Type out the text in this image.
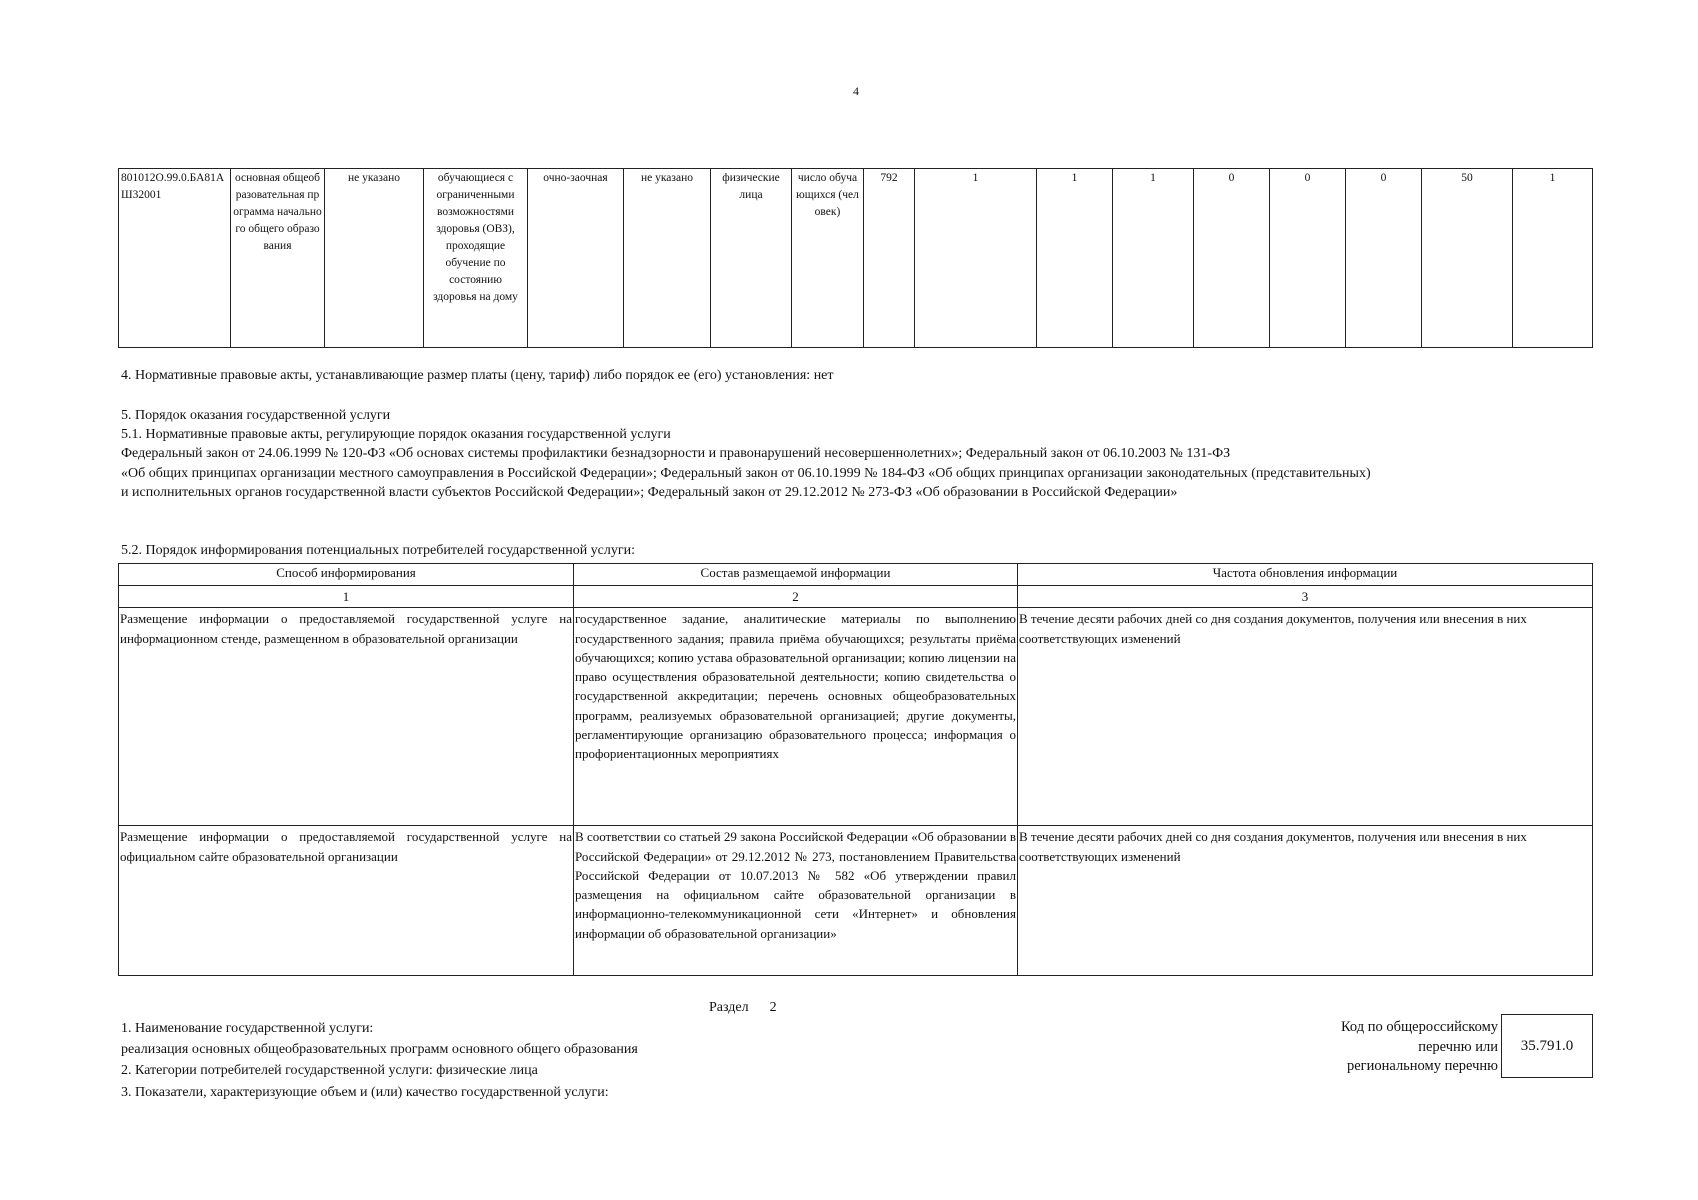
4
801012О.99.0.БА81АШ32001	основная общеобразовательная программа начального общего образования	не указано	обучающиеся с ограниченными возможностями здоровья (ОВЗ), проходящие обучение по состоянию здоровья на дому	очно-заочная	не указано	физические лица	число обучающихся (человек)	792	1	1	1	0	0	0	50	1
4. Нормативные правовые акты, устанавливающие размер платы (цену, тариф) либо порядок ее (его) установления: нет
5. Порядок оказания государственной услуги
5.1. Нормативные правовые акты, регулирующие порядок оказания государственной услуги
Федеральный закон от 24.06.1999 № 120-ФЗ «Об основах системы профилактики безнадзорности и правонарушений несовершеннолетних»; Федеральный закон от 06.10.2003 № 131-ФЗ
«Об общих принципах организации местного самоуправления в Российской Федерации»; Федеральный закон от 06.10.1999 № 184-ФЗ «Об общих принципах организации законодательных (представительных)
и исполнительных органов государственной власти субъектов Российской Федерации»; Федеральный закон от 29.12.2012 № 273-ФЗ «Об образовании в Российской Федерации»
5.2. Порядок информирования потенциальных потребителей государственной услуги:
Способ информирования	Состав размещаемой информации	Частота обновления информации
1	2	3
Размещение информации о предоставляемой государственной услуге на информационном стенде, размещенном в образовательной организации	государственное задание, аналитические материалы по выполнению государственного задания; правила приёма обучающихся; результаты приёма обучающихся; копию устава образовательной организации; копию лицензии на право осуществления образовательной деятельности; копию свидетельства о государственной аккредитации; перечень основных общеобразовательных программ, реализуемых образовательной организацией; другие документы, регламентирующие организацию образовательного процесса; информация о профориентационных мероприятиях	В течение десяти рабочих дней со дня создания документов, получения или внесения в них соответствующих изменений
Размещение информации о предоставляемой государственной услуге на официальном сайте образовательной организации	В соответствии со статьей 29 закона Российской Федерации «Об образовании в Российской Федерации» от 29.12.2012 № 273, постановлением Правительства Российской Федерации от 10.07.2013 № 582 «Об утверждении правил размещения на официальном сайте образовательной организации в информационно-телекоммуникационной сети «Интернет» и обновления информации об образовательной организации»	В течение десяти рабочих дней со дня создания документов, получения или внесения в них соответствующих изменений
Раздел 2
1. Наименование государственной услуги:
реализация основных общеобразовательных программ основного общего образования
2. Категории потребителей государственной услуги: физические лица
3. Показатели, характеризующие объем и (или) качество государственной услуги:
Код по общероссийскому
перечню или
региональному перечню
35.791.0
